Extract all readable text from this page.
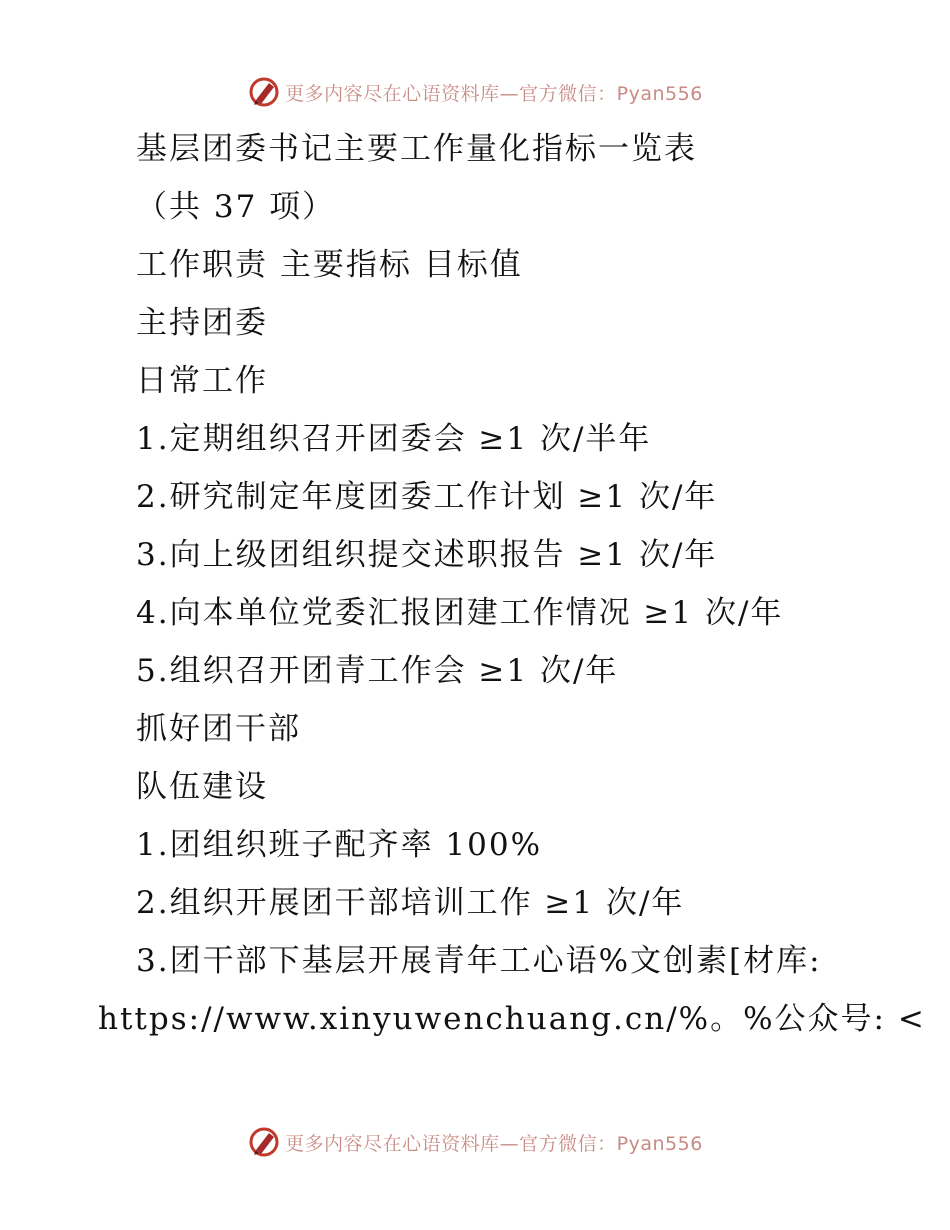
更多内容尽在心语资料库—官方微信：Pyan556
基层团委书记主要工作量化指标一览表
（共 37 项）
工作职责 主要指标 目标值
主持团委
日常工作
1.定期组织召开团委会 ≥1 次/半年
2.研究制定年度团委工作计划 ≥1 次/年
3.向上级团组织提交述职报告 ≥1 次/年
4.向本单位党委汇报团建工作情况 ≥1 次/年
5.组织召开团青工作会 ≥1 次/年
抓好团干部
队伍建设
1.团组织班子配齐率 100%
2.组织开展团干部培训工作 ≥1 次/年
3.团干部下基层开展青年工心语%文创素[材库:
https://www.xinyuwenchuang.cn/%。%公众号: <
更多内容尽在心语资料库—官方微信：Pyan556
